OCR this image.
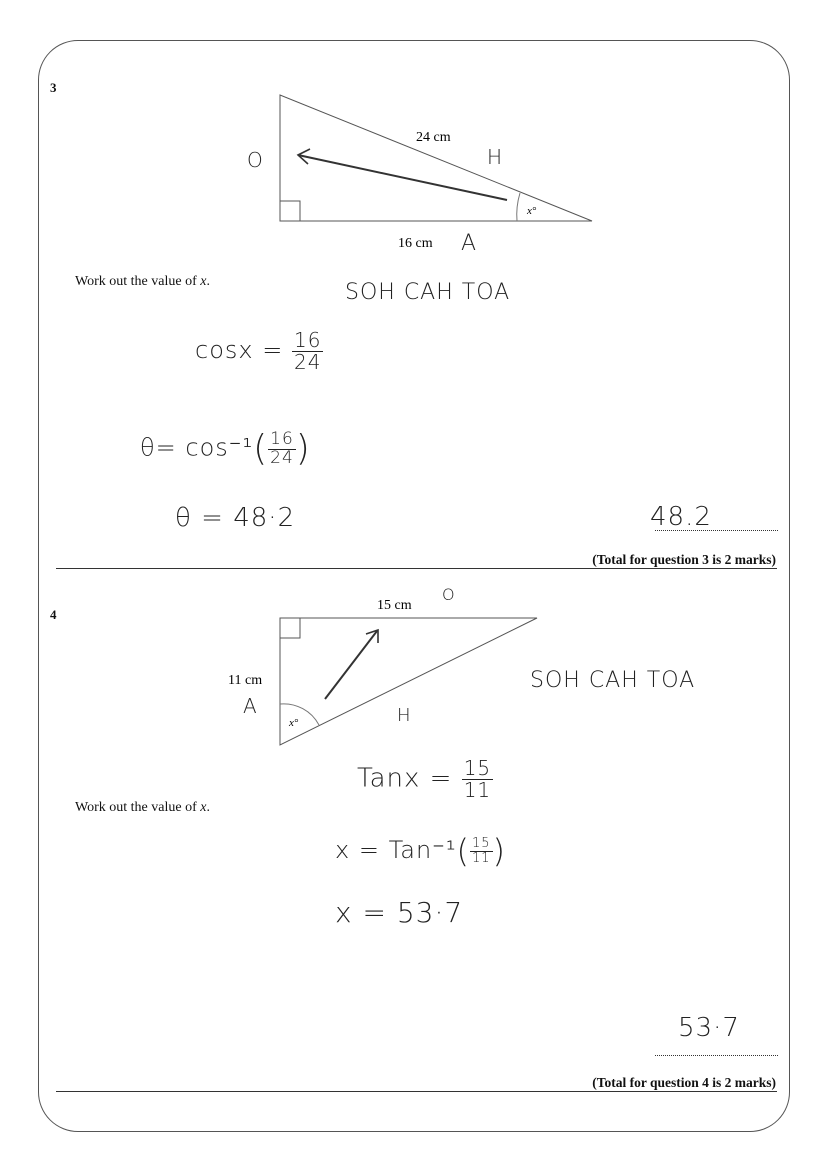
3
24 cm
16 cm
x°
O	H
A
SOH CAH TOA
Work out the value of x.
$\cos x = \frac{16}{24}$
$\theta= \cos^{-1}( \frac{16}{24}$ )
θ = 48·2	48.2
(Total for question 3 is 2 marks)
4
15 cm
11 cm
x°
O
A	H
SOH CAH TOA
Work out the value of x.
Tanx = $\frac{15}{11}$
$x = Tan^{-1}( \frac{15}{11}$ )
x = 53·7
53·7
(Total for question 4 is 2 marks)
